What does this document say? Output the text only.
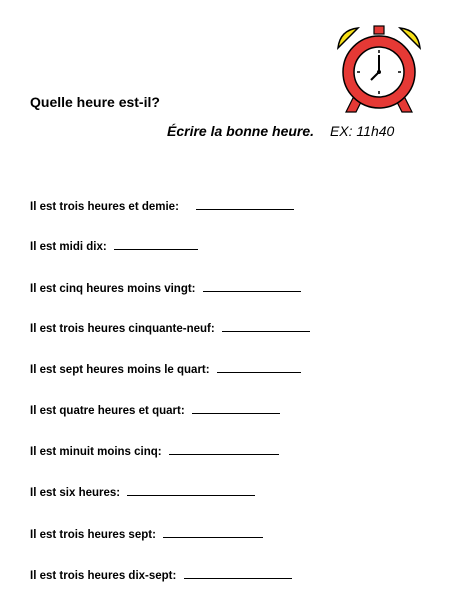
Quelle heure est-il?
Écrire la bonne heure. EX: 11h40
Il est trois heures et demie:
Il est midi dix:
Il est cinq heures moins vingt:
Il est trois heures cinquante-neuf:
Il est sept heures moins le quart:
Il est quatre heures et quart:
Il est minuit moins cinq:
Il est six heures:
Il est trois heures sept:
Il est trois heures dix-sept:
